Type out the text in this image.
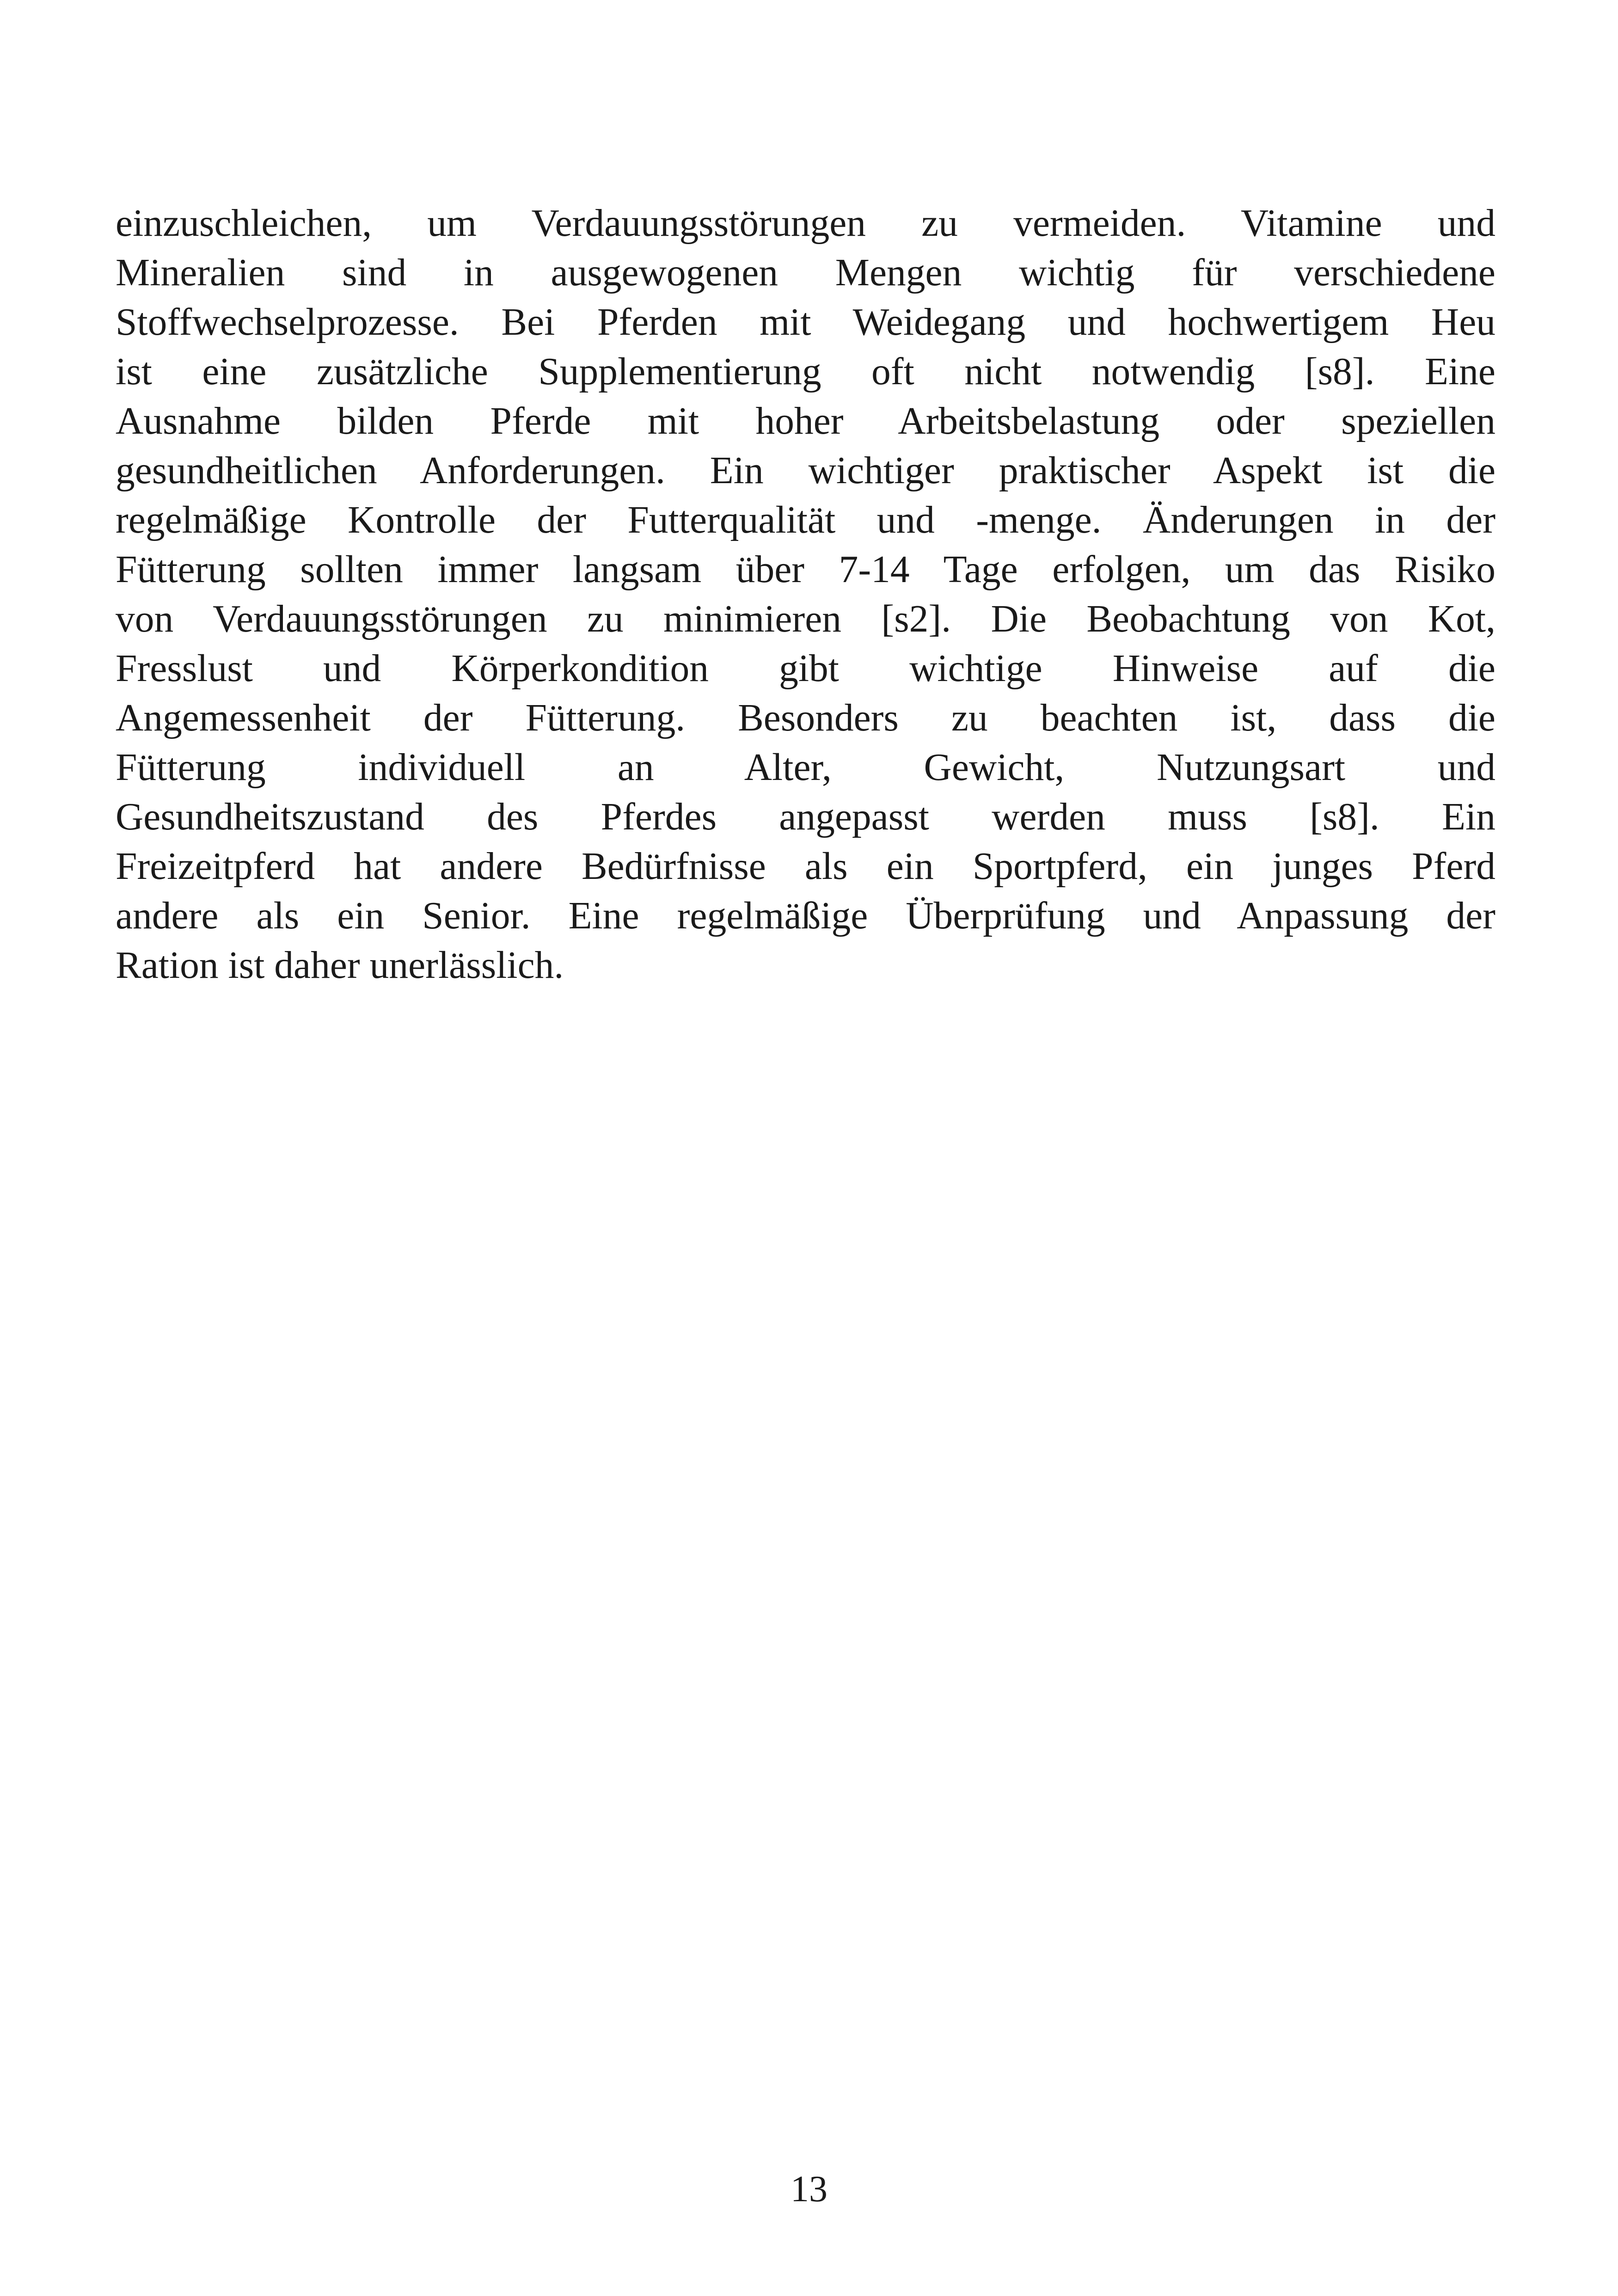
einzuschleichen, um Verdauungsstörungen zu vermeiden. Vitamine und
Mineralien sind in ausgewogenen Mengen wichtig für verschiedene
Stoffwechselprozesse. Bei Pferden mit Weidegang und hochwertigem Heu
ist eine zusätzliche Supplementierung oft nicht notwendig [s8]. Eine
Ausnahme bilden Pferde mit hoher Arbeitsbelastung oder speziellen
gesundheitlichen Anforderungen. Ein wichtiger praktischer Aspekt ist die
regelmäßige Kontrolle der Futterqualität und -menge. Änderungen in der
Fütterung sollten immer langsam über 7-14 Tage erfolgen, um das Risiko
von Verdauungsstörungen zu minimieren [s2]. Die Beobachtung von Kot,
Fresslust und Körperkondition gibt wichtige Hinweise auf die
Angemessenheit der Fütterung. Besonders zu beachten ist, dass die
Fütterung individuell an Alter, Gewicht, Nutzungsart und
Gesundheitszustand des Pferdes angepasst werden muss [s8]. Ein
Freizeitpferd hat andere Bedürfnisse als ein Sportpferd, ein junges Pferd
andere als ein Senior. Eine regelmäßige Überprüfung und Anpassung der
Ration ist daher unerlässlich.
13
